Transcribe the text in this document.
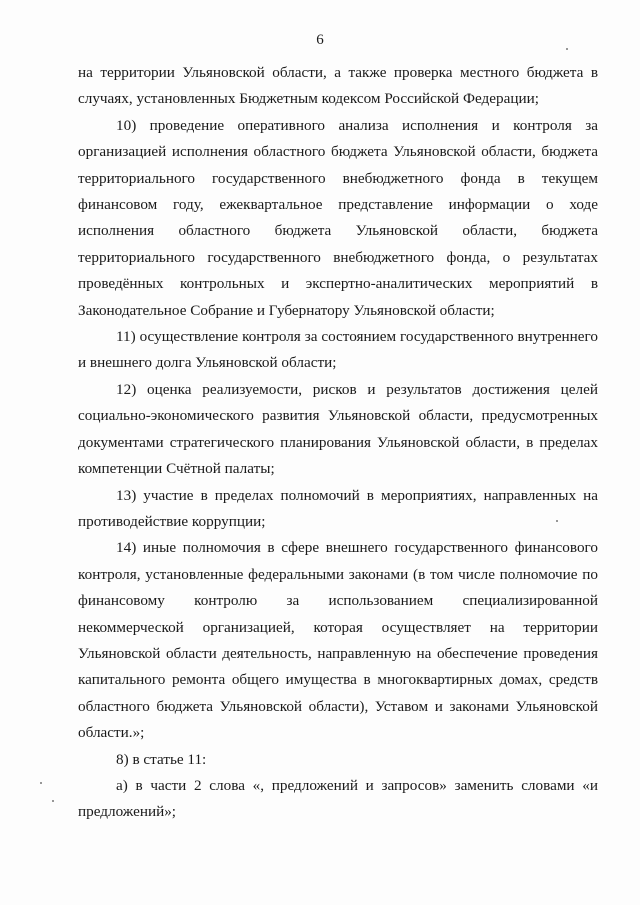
6

на территории Ульяновской области, а также проверка местного бюджета в случаях, установленных Бюджетным кодексом Российской Федерации;

10) проведение оперативного анализа исполнения и контроля за организацией исполнения областного бюджета Ульяновской области, бюджета территориального государственного внебюджетного фонда в текущем финансовом году, ежеквартальное представление информации о ходе исполнения областного бюджета Ульяновской области, бюджета территориального государственного внебюджетного фонда, о результатах проведённых контрольных и экспертно-аналитических мероприятий в Законодательное Собрание и Губернатору Ульяновской области;

11) осуществление контроля за состоянием государственного внутреннего и внешнего долга Ульяновской области;

12) оценка реализуемости, рисков и результатов достижения целей социально-экономического развития Ульяновской области, предусмотренных документами стратегического планирования Ульяновской области, в пределах компетенции Счётной палаты;

13) участие в пределах полномочий в мероприятиях, направленных на противодействие коррупции;

14) иные полномочия в сфере внешнего государственного финансового контроля, установленные федеральными законами (в том числе полномочие по финансовому контролю за использованием специализированной некоммерческой организацией, которая осуществляет на территории Ульяновской области деятельность, направленную на обеспечение проведения капитального ремонта общего имущества в многоквартирных домах, средств областного бюджета Ульяновской области), Уставом и законами Ульяновской области.»;

8) в статье 11:

а) в части 2 слова «, предложений и запросов» заменить словами «и предложений»;
